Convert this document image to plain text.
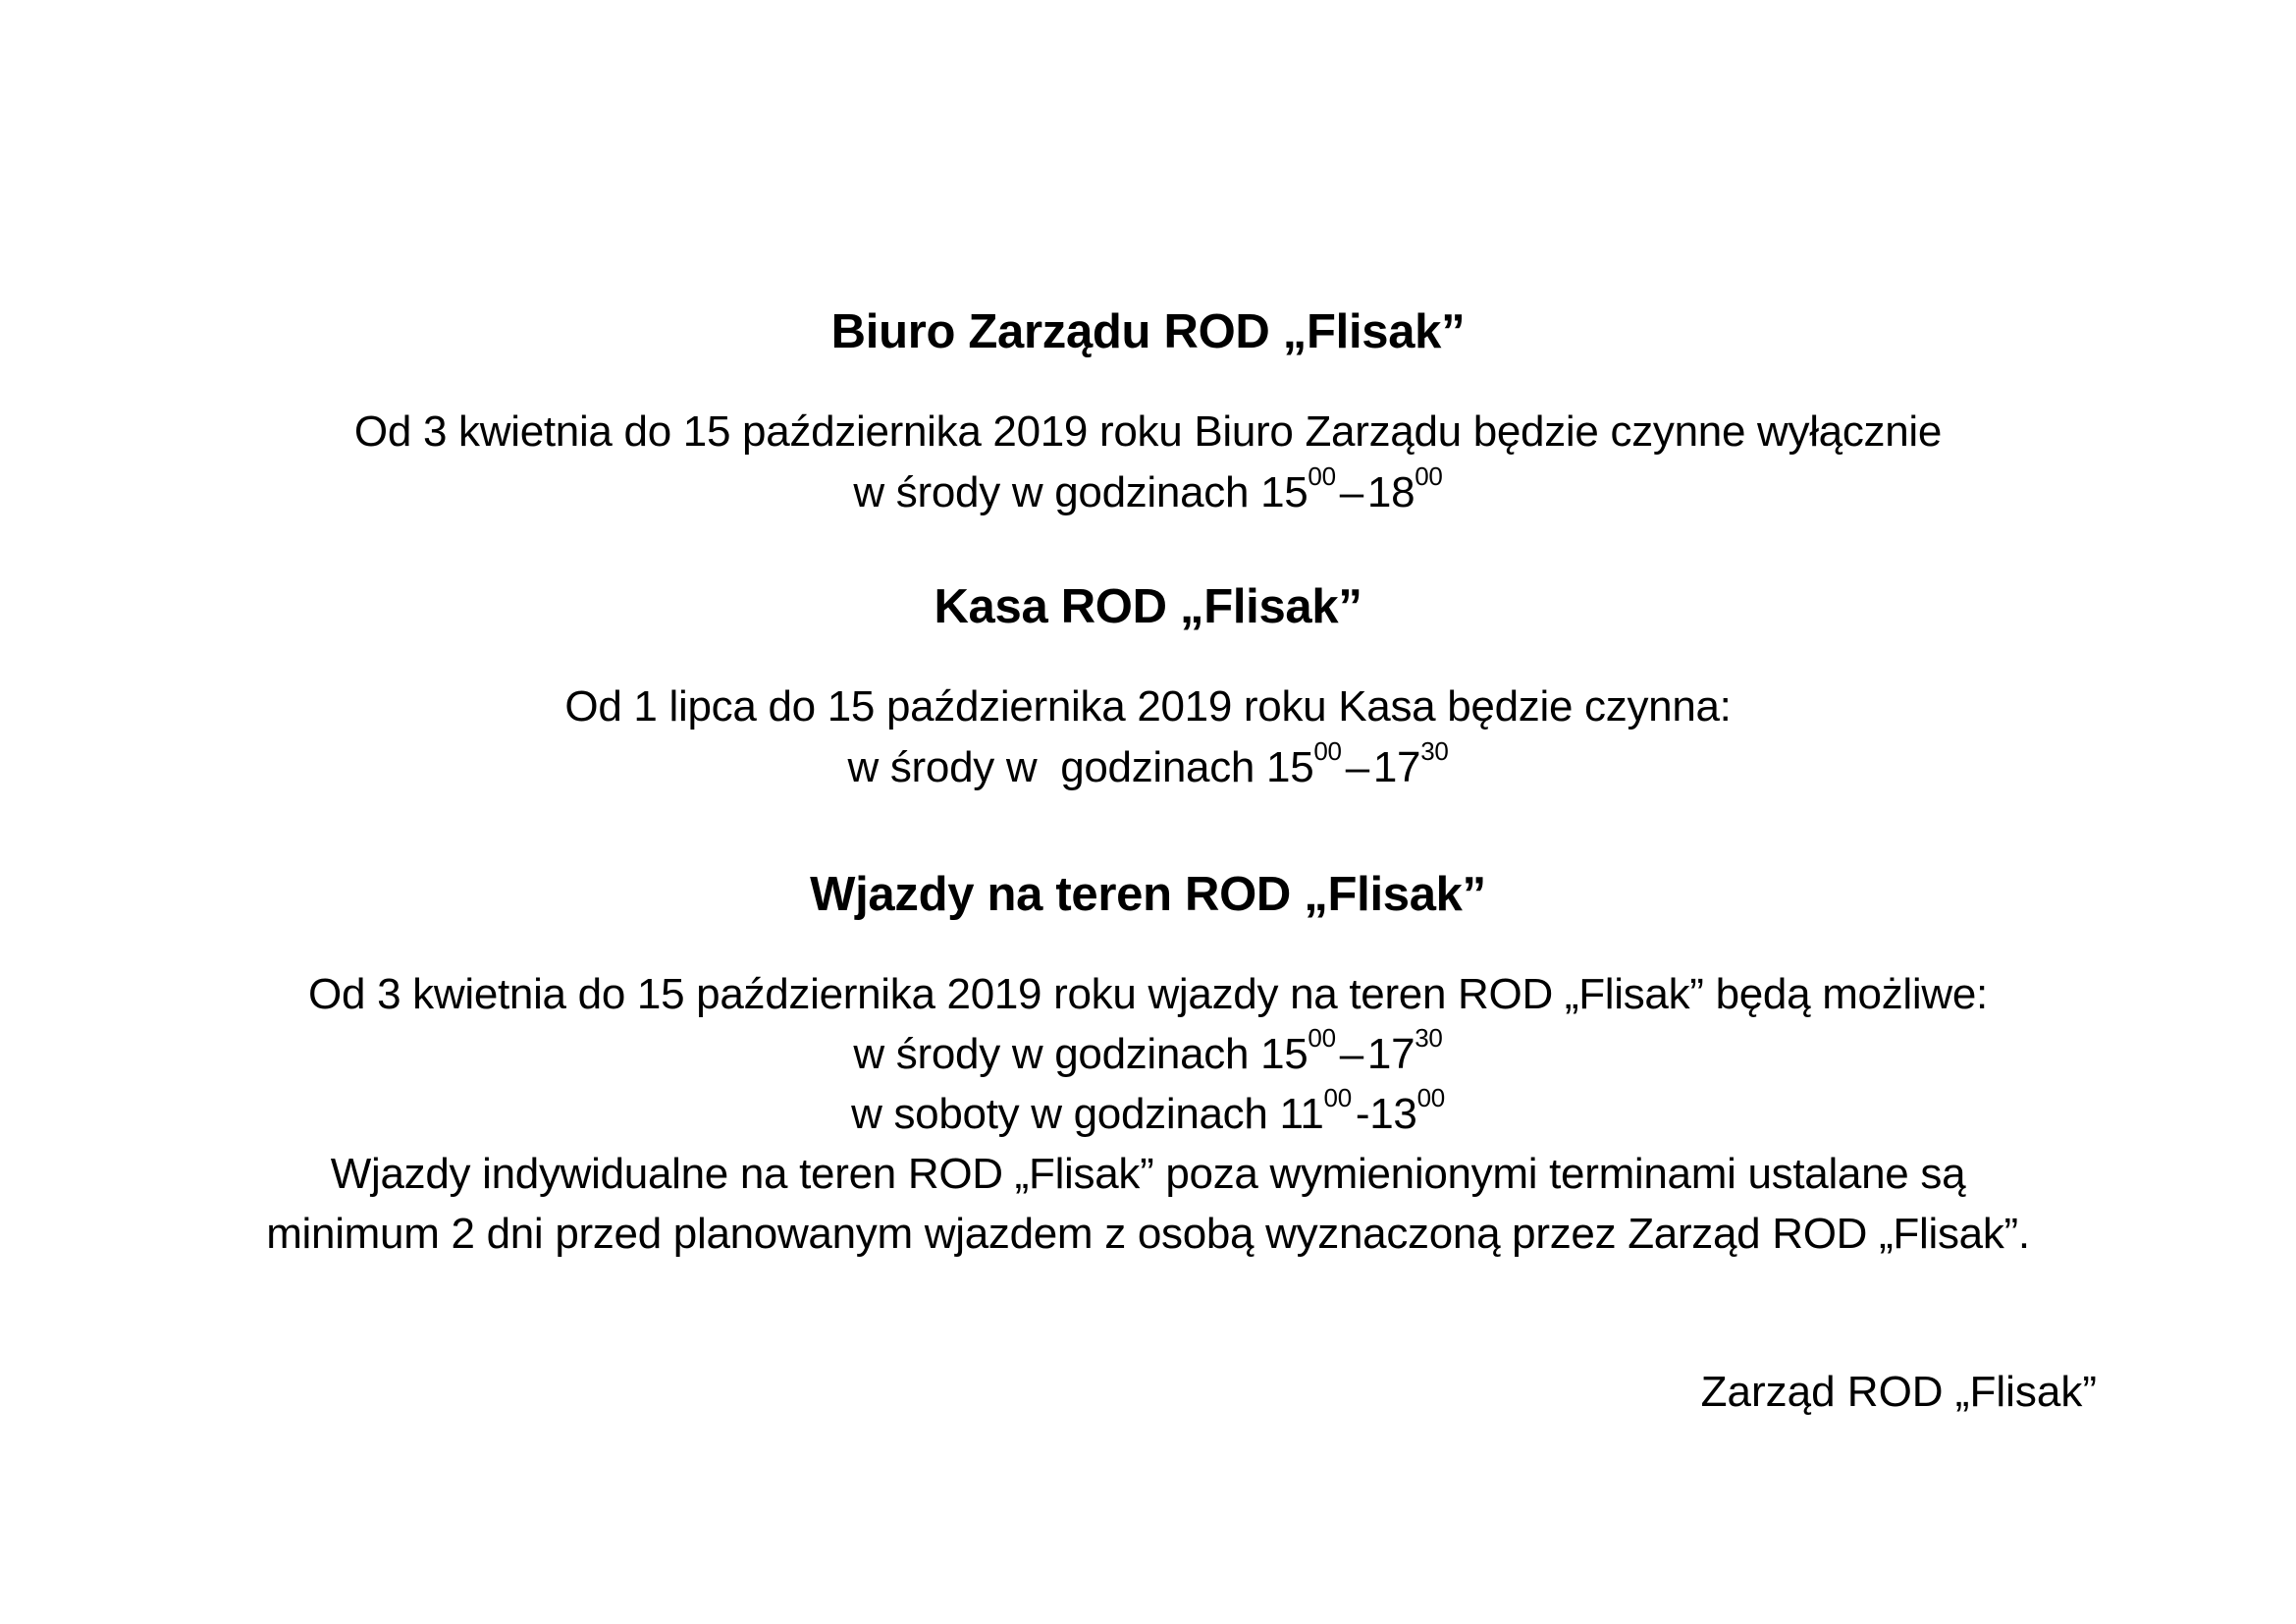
Biuro Zarządu ROD „Flisak”
Od 3 kwietnia do 15 października 2019 roku Biuro Zarządu będzie czynne wyłącznie
w środy w godzinach $15^{00}-18^{00}$
Kasa ROD „Flisak”
Od 1 lipca do 15 października 2019 roku Kasa będzie czynna:
w środy w  godzinach $15^{00}-17^{30}$
Wjazdy na teren ROD „Flisak”
Od 3 kwietnia do 15 października 2019 roku wjazdy na teren ROD „Flisak” będą możliwe:
w środy w godzinach $15^{00}-17^{30}$
w soboty w godzinach $11^{00}-13^{00}$
Wjazdy indywidualne na teren ROD „Flisak” poza wymienionymi terminami ustalane są
minimum 2 dni przed planowanym wjazdem z osobą wyznaczoną przez Zarząd ROD „Flisak”.
Zarząd ROD „Flisak”
